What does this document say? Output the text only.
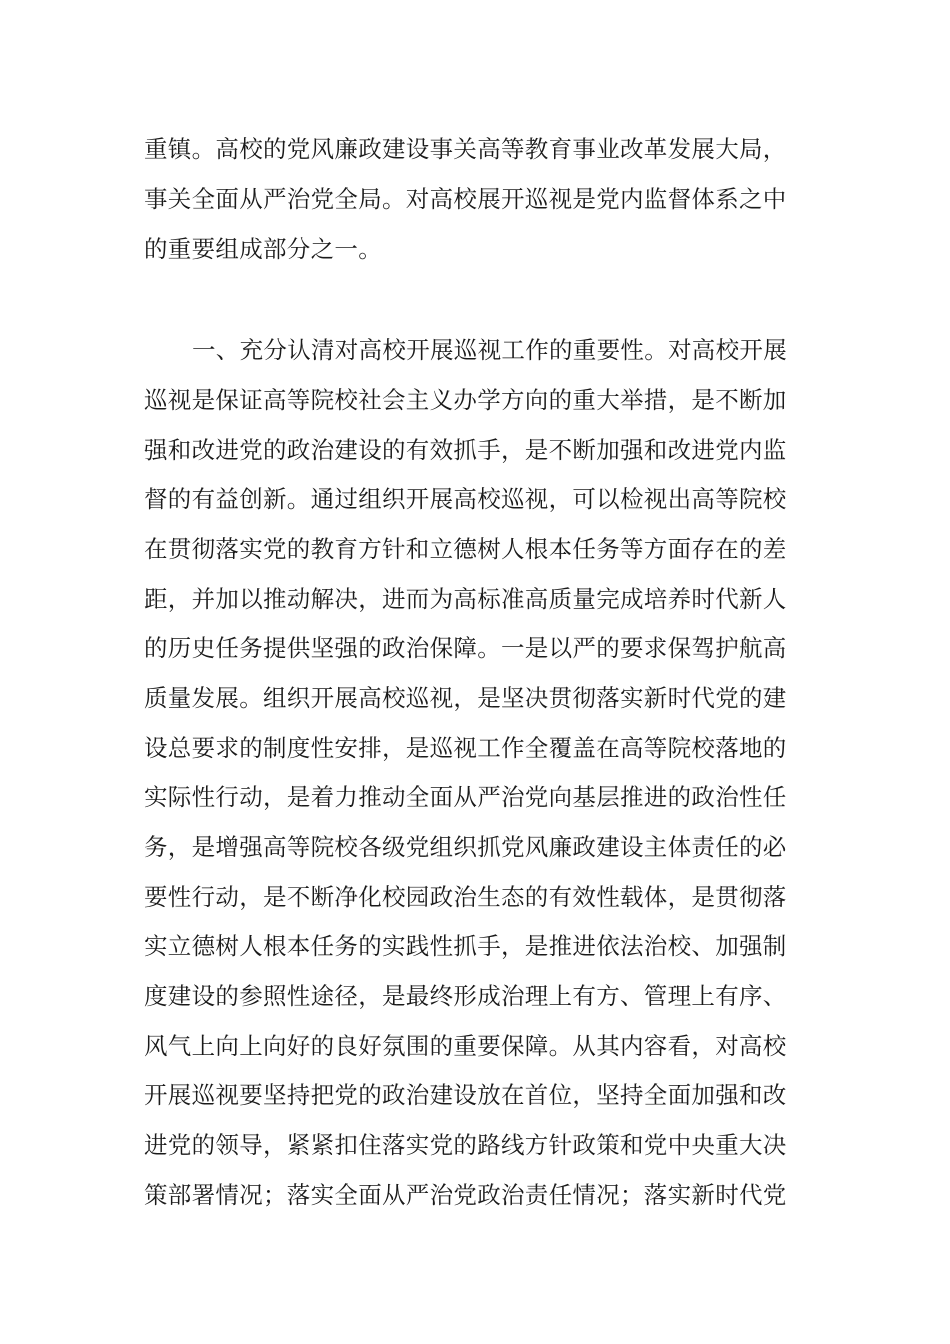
重镇。高校的党风廉政建设事关高等教育事业改革发展大局，
事关全面从严治党全局。对高校展开巡视是党内监督体系之中
的重要组成部分之一。
一、充分认清对高校开展巡视工作的重要性。对高校开展
巡视是保证高等院校社会主义办学方向的重大举措，是不断加
强和改进党的政治建设的有效抓手，是不断加强和改进党内监
督的有益创新。通过组织开展高校巡视，可以检视出高等院校
在贯彻落实党的教育方针和立德树人根本任务等方面存在的差
距，并加以推动解决，进而为高标准高质量完成培养时代新人
的历史任务提供坚强的政治保障。一是以严的要求保驾护航高
质量发展。组织开展高校巡视，是坚决贯彻落实新时代党的建
设总要求的制度性安排，是巡视工作全覆盖在高等院校落地的
实际性行动，是着力推动全面从严治党向基层推进的政治性任
务，是增强高等院校各级党组织抓党风廉政建设主体责任的必
要性行动，是不断净化校园政治生态的有效性载体，是贯彻落
实立德树人根本任务的实践性抓手，是推进依法治校、加强制
度建设的参照性途径，是最终形成治理上有方、管理上有序、
风气上向上向好的良好氛围的重要保障。从其内容看，对高校
开展巡视要坚持把党的政治建设放在首位，坚持全面加强和改
进党的领导，紧紧扣住落实党的路线方针政策和党中央重大决
策部署情况；落实全面从严治党政治责任情况；落实新时代党
